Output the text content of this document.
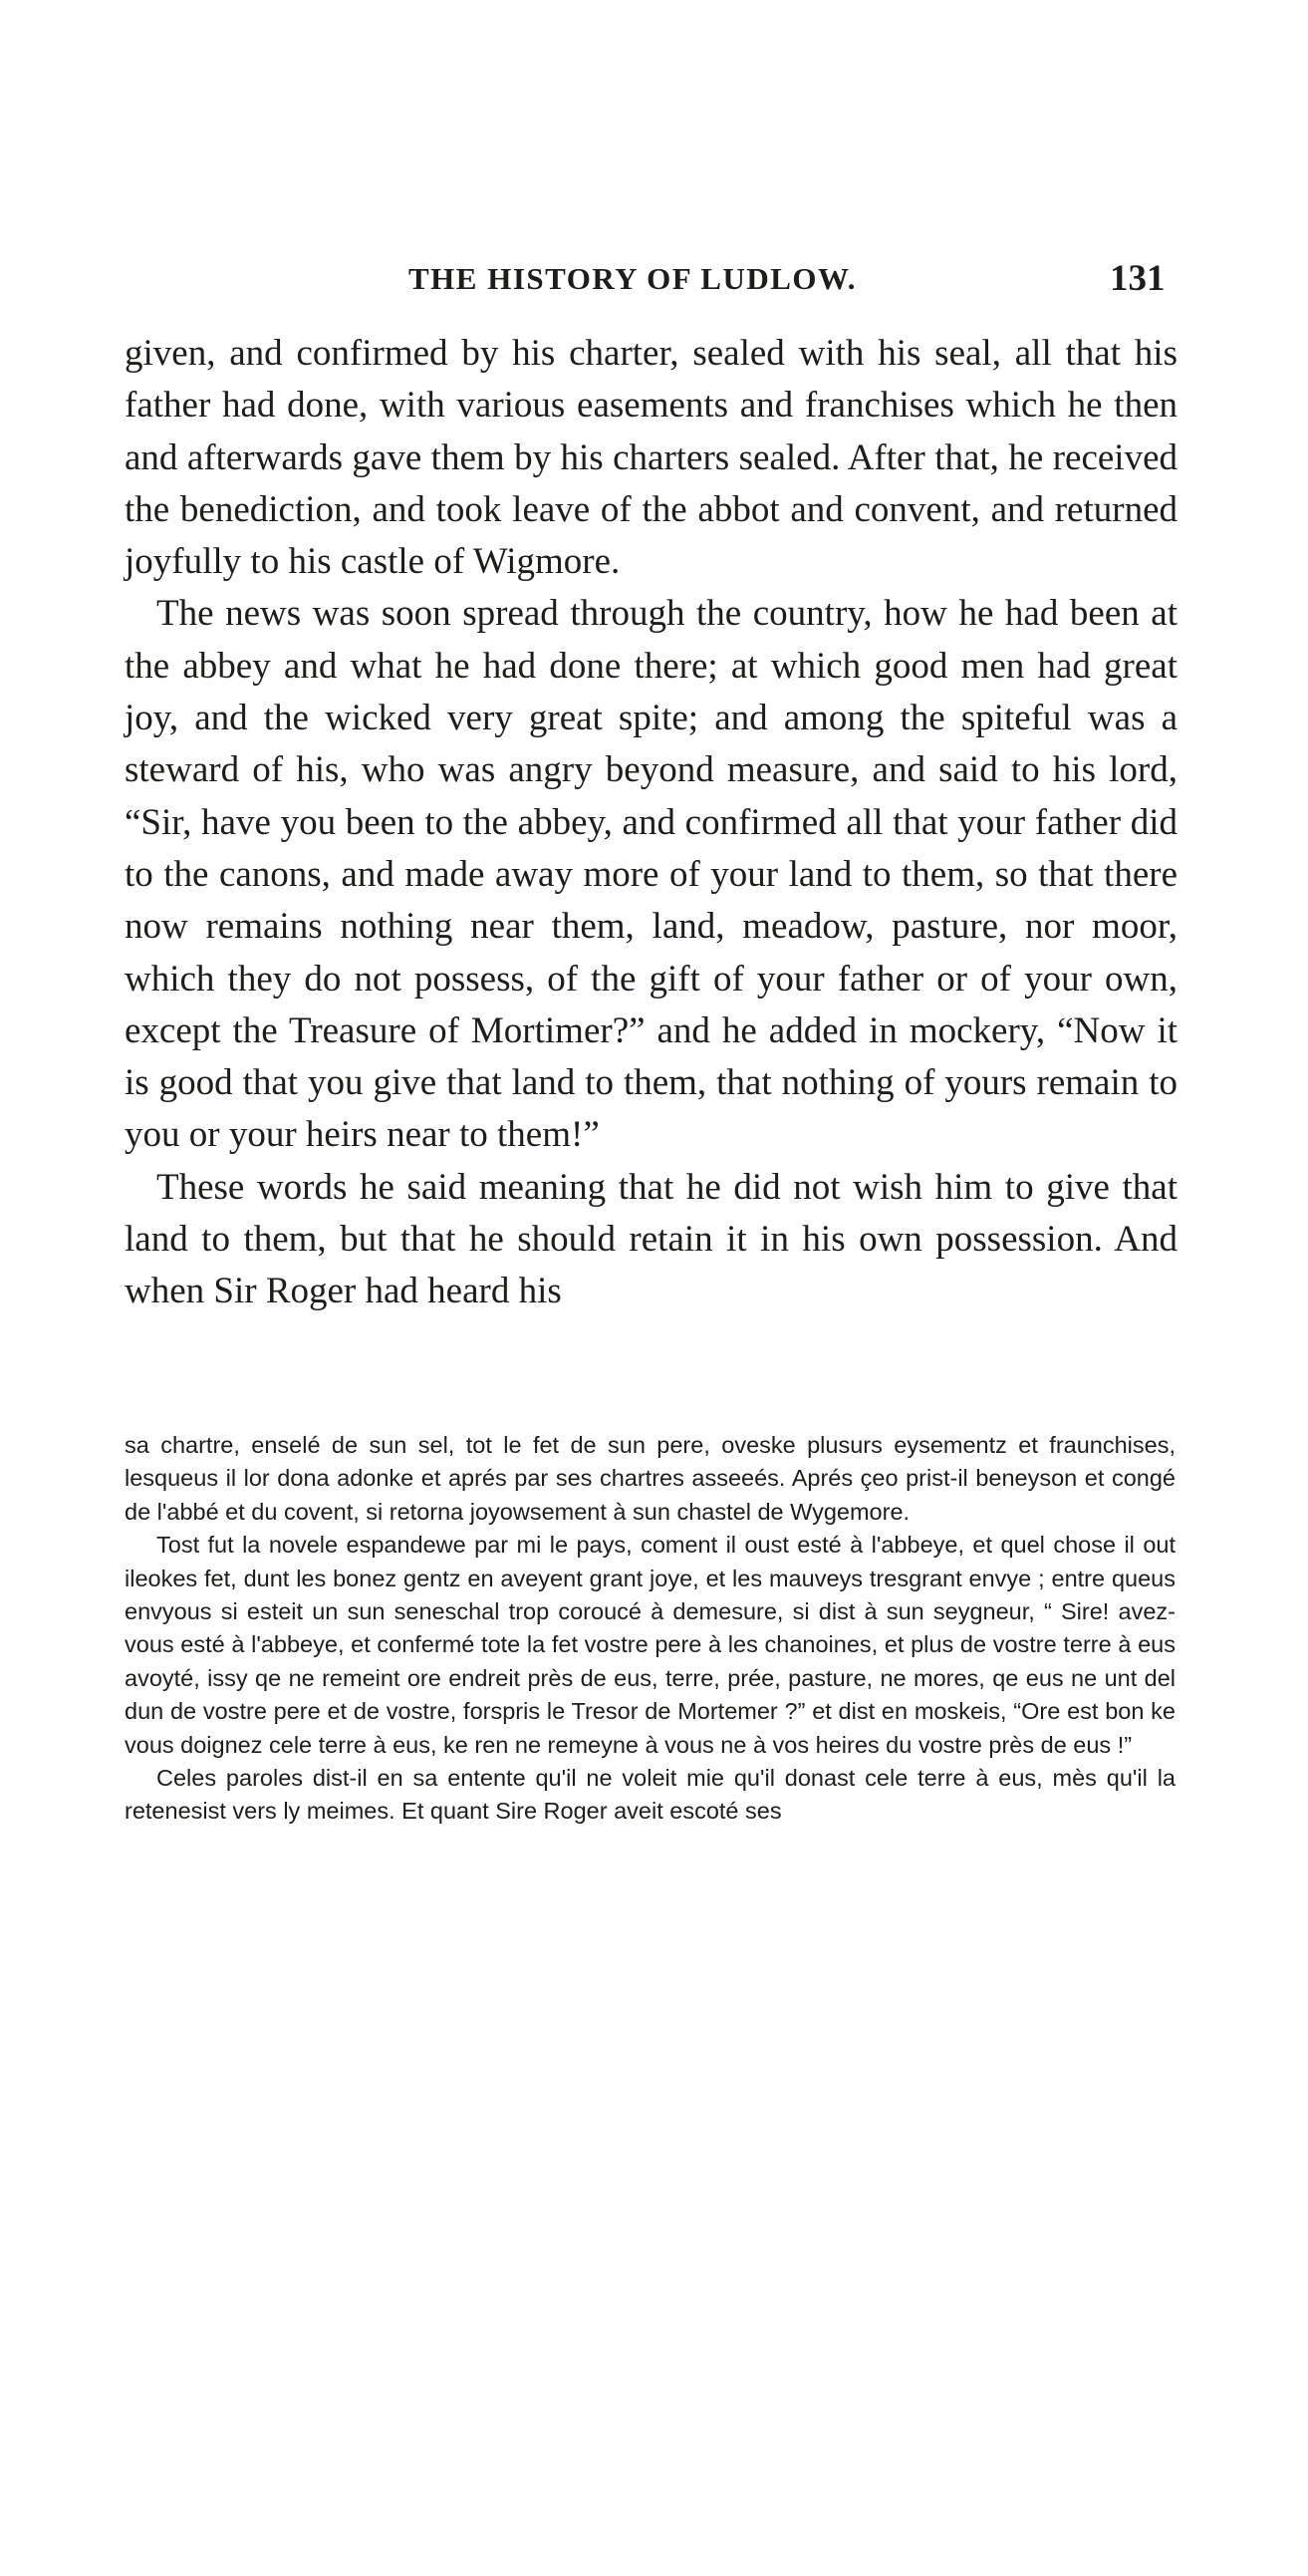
THE HISTORY OF LUDLOW.	131

given, and confirmed by his charter, sealed with his seal, all that his father had done, with various easements and franchises which he then and afterwards gave them by his charters sealed. After that, he received the benediction, and took leave of the abbot and convent, and returned joyfully to his castle of Wigmore.

The news was soon spread through the country, how he had been at the abbey and what he had done there; at which good men had great joy, and the wicked very great spite; and among the spiteful was a steward of his, who was angry beyond measure, and said to his lord, “Sir, have you been to the abbey, and confirmed all that your father did to the canons, and made away more of your land to them, so that there now remains nothing near them, land, meadow, pasture, nor moor, which they do not possess, of the gift of your father or of your own, except the Treasure of Mortimer?” and he added in mockery, “Now it is good that you give that land to them, that nothing of yours remain to you or your heirs near to them!”

These words he said meaning that he did not wish him to give that land to them, but that he should retain it in his own possession. And when Sir Roger had heard his

sa chartre, enselé de sun sel, tot le fet de sun pere, oveske plusurs eysementz et fraunchises, lesqueus il lor dona adonke et aprés par ses chartres asseeés. Aprés çeo prist-il beneyson et congé de l'abbé et du covent, si retorna joyowsement à sun chastel de Wygemore.

Tost fut la novele espandewe par mi le pays, coment il oust esté à l'abbeye, et quel chose il out ileokes fet, dunt les bonez gentz en aveyent grant joye, et les mauveys tresgrant envye ; entre queus envyous si esteit un sun seneschal trop coroucé à demesure, si dist à sun seygneur, “ Sire! avez-vous esté à l'abbeye, et confermé tote la fet vostre pere à les chanoines, et plus de vostre terre à eus avoyté, issy qe ne remeint ore endreit près de eus, terre, prée, pasture, ne mores, qe eus ne unt del dun de vostre pere et de vostre, forspris le Tresor de Mortemer ?” et dist en moskeis, “Ore est bon ke vous doignez cele terre à eus, ke ren ne remeyne à vous ne à vos heires du vostre près de eus !”

Celes paroles dist-il en sa entente qu'il ne voleit mie qu'il donast cele terre à eus, mès qu'il la retenesist vers ly meimes. Et quant Sire Roger aveit escoté ses
